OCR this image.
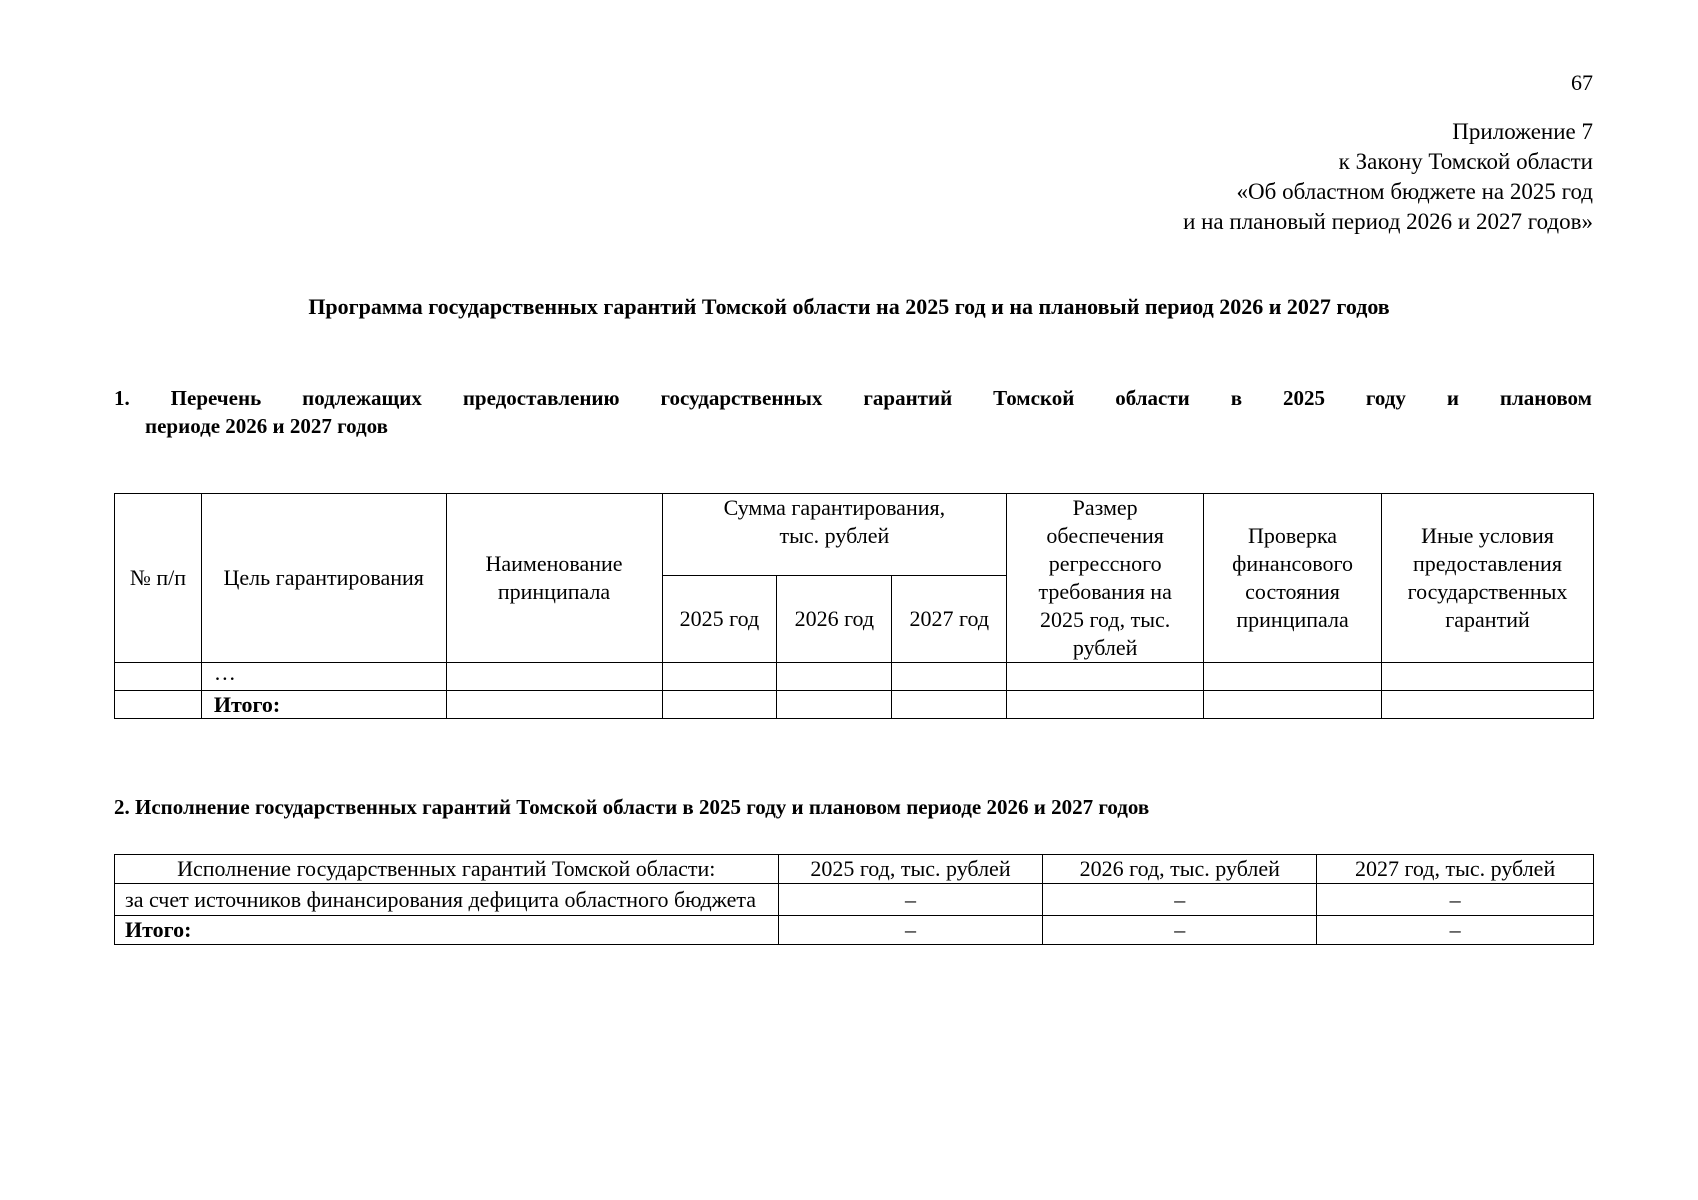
67
Приложение 7
к Закону Томской области
«Об областном бюджете на 2025 год
и на плановый период 2026 и 2027 годов»
Программа государственных гарантий Томской области на 2025 год и на плановый период 2026 и 2027 годов
1. Перечень подлежащих предоставлению государственных гарантий Томской области в 2025 году и плановом
периоде 2026 и 2027 годов
№ п/п	Цель гарантирования	Наименование принципала	Сумма гарантирования, тыс. рублей			Размер обеспечения регрессного требования на 2025 год, тыс. рублей	Проверка финансового состояния принципала	Иные условия предоставления государственных гарантий
			2025 год	2026 год	2027 год			
	…							
	Итого:							
2. Исполнение государственных гарантий Томской области в 2025 году и плановом периоде 2026 и 2027 годов
Исполнение государственных гарантий Томской области:	2025 год, тыс. рублей	2026 год, тыс. рублей	2027 год, тыс. рублей
за счет источников финансирования дефицита областного бюджета	–	–	–
Итого:	–	–	–
